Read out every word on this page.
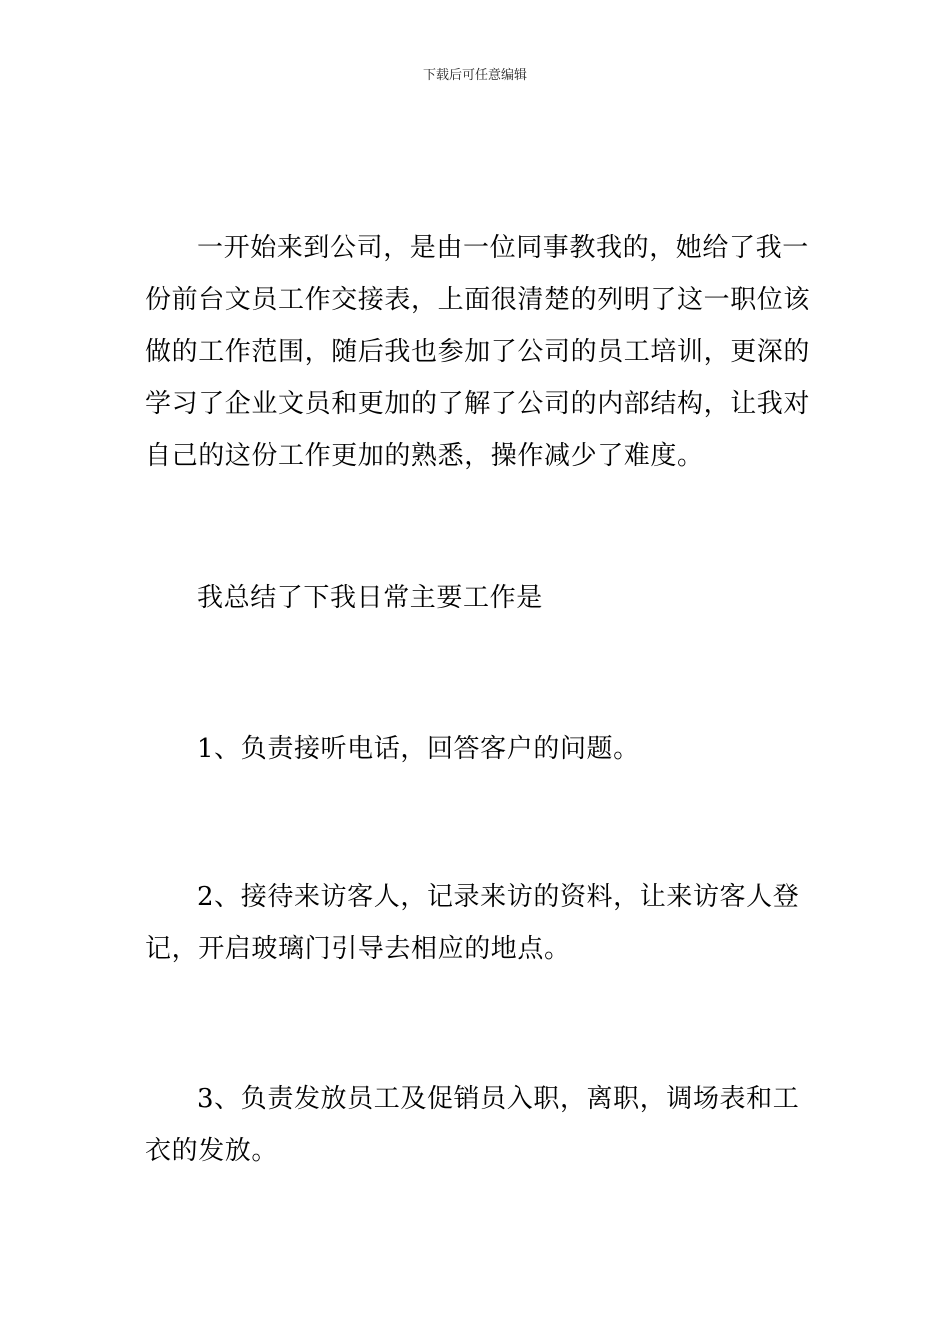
下载后可任意编辑

一开始来到公司，是由一位同事教我的，她给了我一份前台文员工作交接表，上面很清楚的列明了这一职位该做的工作范围，随后我也参加了公司的员工培训，更深的学习了企业文员和更加的了解了公司的内部结构，让我对自己的这份工作更加的熟悉，操作减少了难度。

我总结了下我日常主要工作是

1、负责接听电话，回答客户的问题。

2、接待来访客人，记录来访的资料，让来访客人登记，开启玻璃门引导去相应的地点。

3、负责发放员工及促销员入职，离职，调场表和工衣的发放。
